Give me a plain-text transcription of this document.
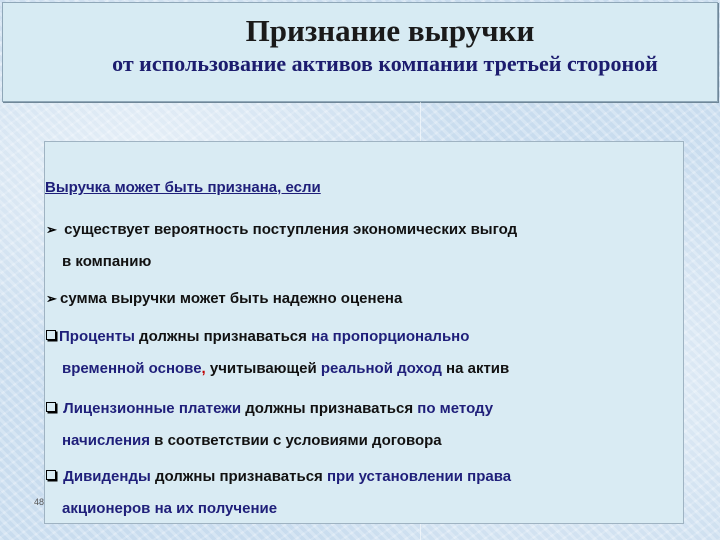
Признание выручки
от использование активов компании третьей стороной
Выручка может быть признана, если
➢ существует вероятность поступления экономических выгод
в компанию
➢ сумма выручки может быть надежно оценена
Проценты должны признаваться на пропорционально
временной основе, учитывающей реальной доход на актив
Лицензионные платежи должны признаваться по методу
начисления в соответствии с условиями договора
Дивиденды должны признаваться при установлении права
акционеров на их получение
48
